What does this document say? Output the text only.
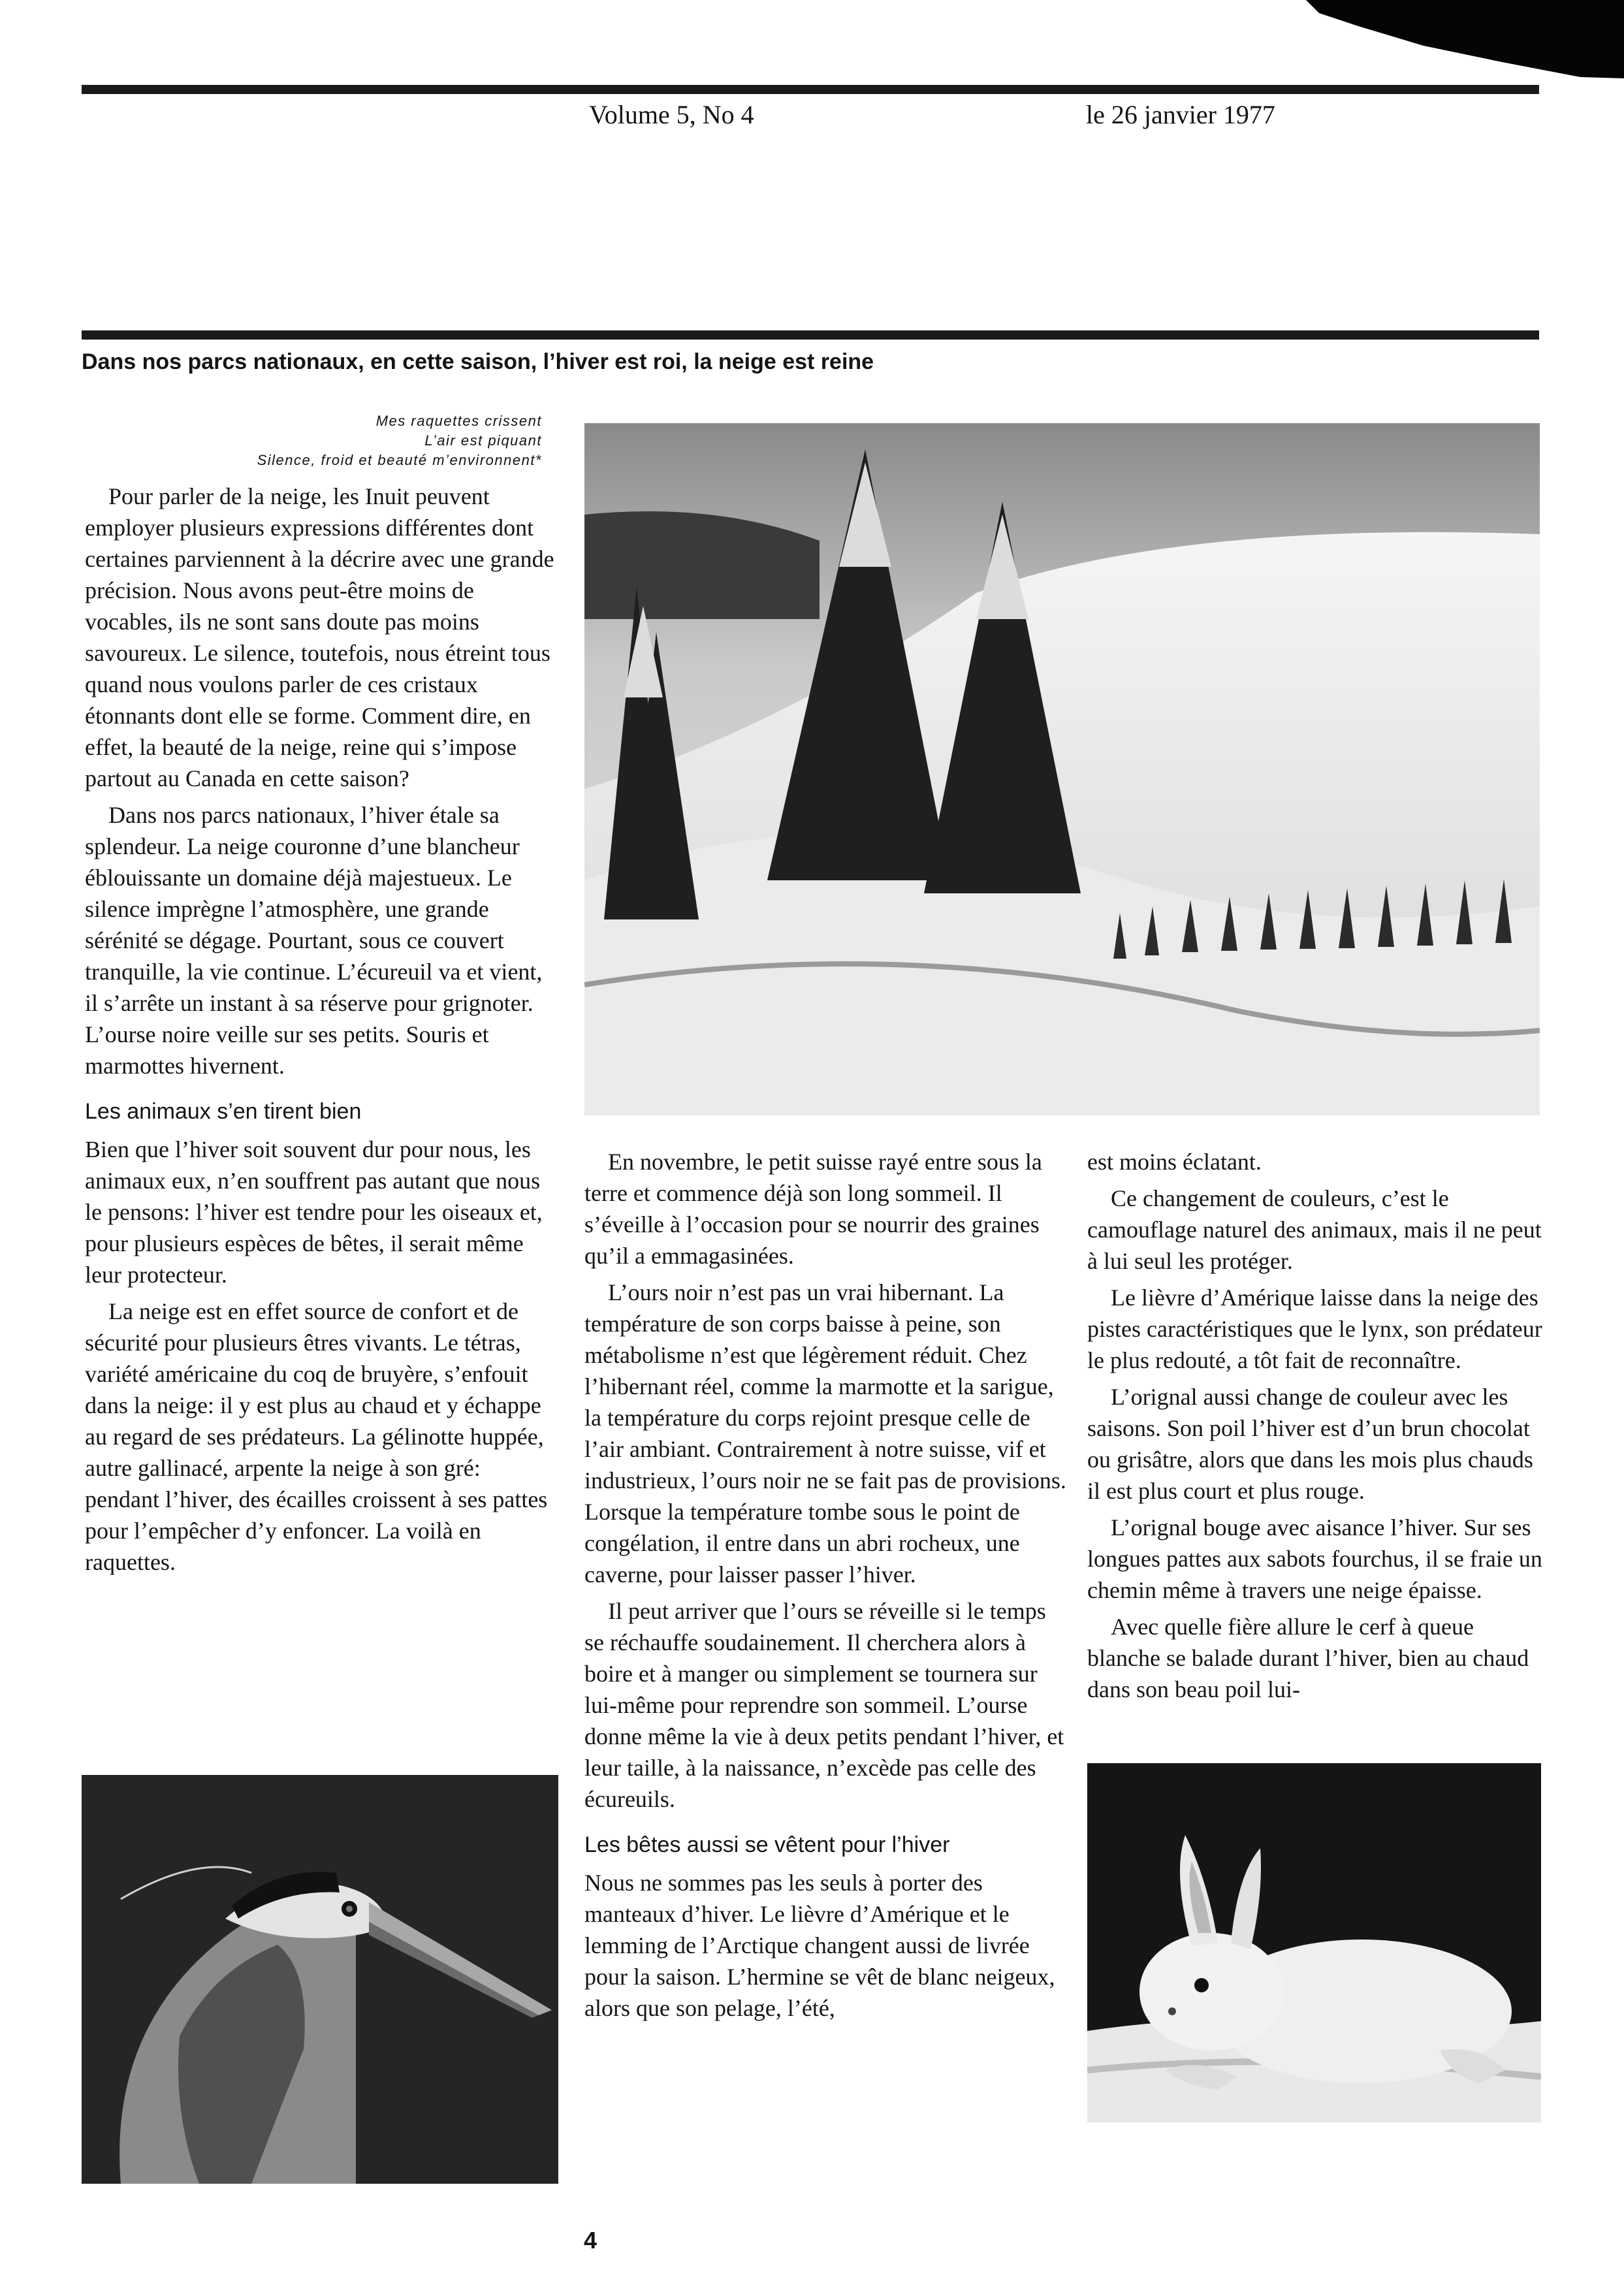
Volume 5, No 4	le 26 janvier 1977
Dans nos parcs nationaux, en cette saison, l’hiver est roi, la neige est reine
Mes raquettes crissent
L’air est piquant
Silence, froid et beauté m’environnent*

Pour parler de la neige, les Inuit peuvent employer plusieurs expressions différentes dont certaines parviennent à la décrire avec une grande précision. Nous avons peut-être moins de vocables, ils ne sont sans doute pas moins savoureux. Le silence, toutefois, nous étreint tous quand nous voulons parler de ces cristaux étonnants dont elle se forme. Comment dire, en effet, la beauté de la neige, reine qui s’impose partout au Canada en cette saison?

Dans nos parcs nationaux, l’hiver étale sa splendeur. La neige couronne d’une blancheur éblouissante un domaine déjà majestueux. Le silence imprègne l’atmosphère, une grande sérénité se dégage. Pourtant, sous ce couvert tranquille, la vie continue. L’écureuil va et vient, il s’arrête un instant à sa réserve pour grignoter. L’ourse noire veille sur ses petits. Souris et marmottes hivernent.

Les animaux s’en tirent bien

Bien que l’hiver soit souvent dur pour nous, les animaux eux, n’en souffrent pas autant que nous le pensons: l’hiver est tendre pour les oiseaux et, pour plusieurs espèces de bêtes, il serait même leur protecteur.

La neige est en effet source de confort et de sécurité pour plusieurs êtres vivants. Le tétras, variété américaine du coq de bruyère, s’enfouit dans la neige: il y est plus au chaud et y échappe au regard de ses prédateurs. La gélinotte huppée, autre gallinacé, arpente la neige à son gré: pendant l’hiver, des écailles croissent à ses pattes pour l’empêcher d’y enfoncer. La voilà en raquettes.

En novembre, le petit suisse rayé entre sous la terre et commence déjà son long sommeil. Il s’éveille à l’occasion pour se nourrir des graines qu’il a emmagasinées.

L’ours noir n’est pas un vrai hibernant. La température de son corps baisse à peine, son métabolisme n’est que légèrement réduit. Chez l’hibernant réel, comme la marmotte et la sarigue, la température du corps rejoint presque celle de l’air ambiant. Contrairement à notre suisse, vif et industrieux, l’ours noir ne se fait pas de provisions. Lorsque la température tombe sous le point de congélation, il entre dans un abri rocheux, une caverne, pour laisser passer l’hiver.

Il peut arriver que l’ours se réveille si le temps se réchauffe soudainement. Il cherchera alors à boire et à manger ou simplement se tournera sur lui-même pour reprendre son sommeil. L’ourse donne même la vie à deux petits pendant l’hiver, et leur taille, à la naissance, n’excède pas celle des écureuils.

Les bêtes aussi se vêtent pour l’hiver

Nous ne sommes pas les seuls à porter des manteaux d’hiver. Le lièvre d’Amérique et le lemming de l’Arctique changent aussi de livrée pour la saison. L’hermine se vêt de blanc neigeux, alors que son pelage, l’été,

est moins éclatant.

Ce changement de couleurs, c’est le camouflage naturel des animaux, mais il ne peut à lui seul les protéger.

Le lièvre d’Amérique laisse dans la neige des pistes caractéristiques que le lynx, son prédateur le plus redouté, a tôt fait de reconnaître.

L’orignal aussi change de couleur avec les saisons. Son poil l’hiver est d’un brun chocolat ou grisâtre, alors que dans les mois plus chauds il est plus court et plus rouge.

L’orignal bouge avec aisance l’hiver. Sur ses longues pattes aux sabots fourchus, il se fraie un chemin même à travers une neige épaisse.

Avec quelle fière allure le cerf à queue blanche se balade durant l’hiver, bien au chaud dans son beau poil lui-

4
